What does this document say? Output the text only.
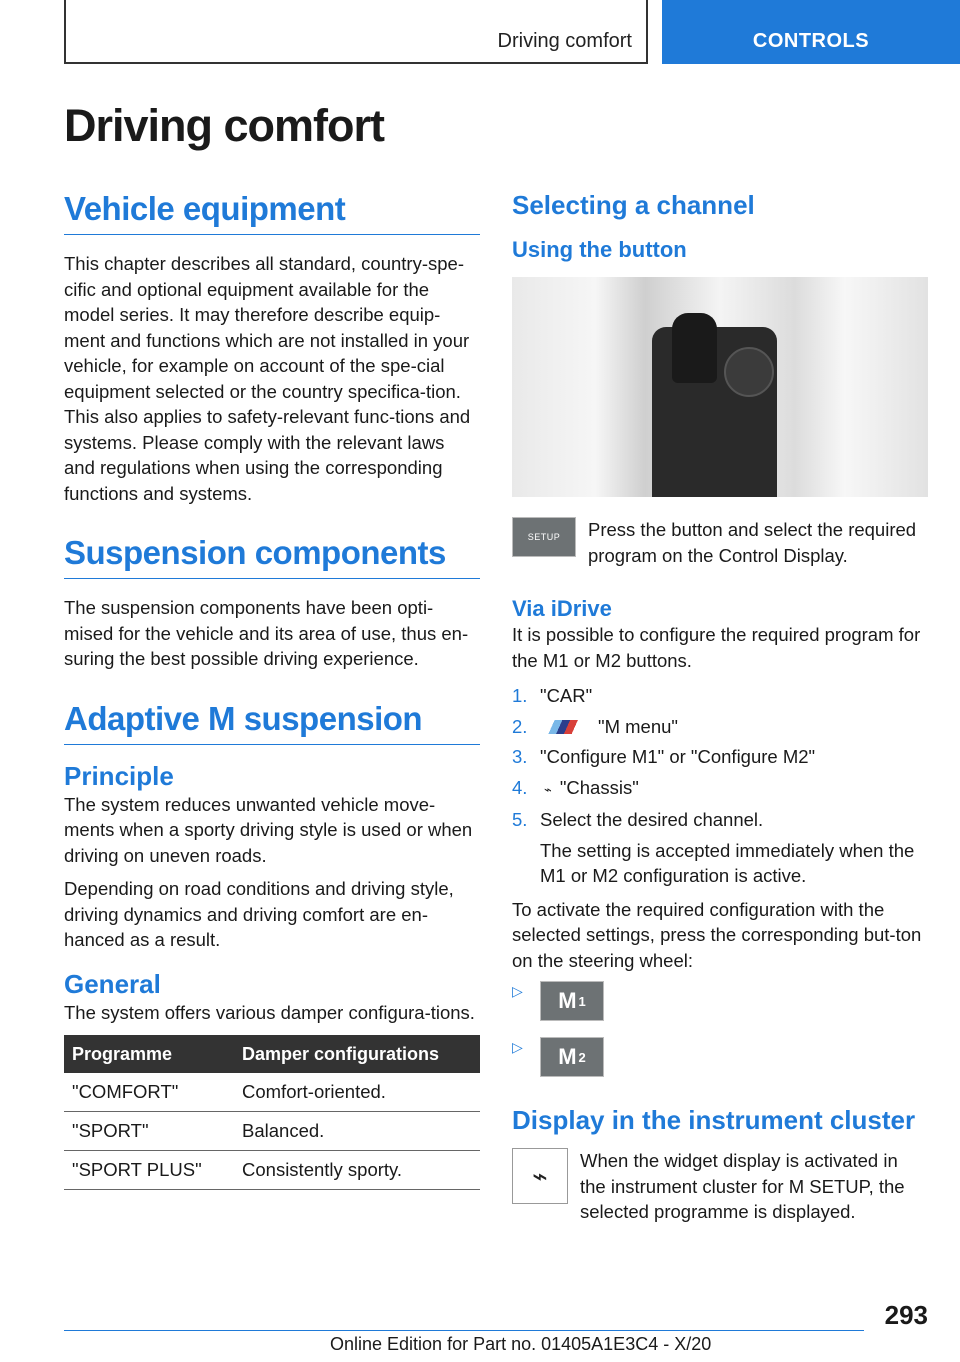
Driving comfort	CONTROLS
Driving comfort
Vehicle equipment

This chapter describes all standard, country-spe-cific and optional equipment available for the model series. It may therefore describe equip-ment and functions which are not installed in your vehicle, for example on account of the spe-cial equipment selected or the country specifica-tion. This also applies to safety-relevant func-tions and systems. Please comply with the relevant laws and regulations when using the corresponding functions and systems.

Suspension components

The suspension components have been opti-mised for the vehicle and its area of use, thus en-suring the best possible driving experience.

Adaptive M suspension
Principle

The system reduces unwanted vehicle move-ments when a sporty driving style is used or when driving on uneven roads.

Depending on road conditions and driving style, driving dynamics and driving comfort are en-hanced as a result.

General

The system offers various damper configura-tions.

Programme	Damper configurations
"COMFORT"	Comfort-oriented.
"SPORT"	Balanced.
"SPORT PLUS"	Consistently sporty.
Selecting a channel
Using the button
SETUP	Press the button and select the required program on the Control Display.

Via iDrive

It is possible to configure the required program for the M1 or M2 buttons.

1. "CAR"
2.	"M menu"
3. "Configure M1" or "Configure M2"
4.	⌁ "Chassis"
5. Select the desired channel.

The setting is accepted immediately when the M1 or M2 configuration is active.

To activate the required configuration with the selected settings, press the corresponding but-ton on the steering wheel:

▷	M 1
▷	M 2
Display in the instrument cluster
⌁	When the widget display is activated in the instrument cluster for M SETUP, the selected programme is displayed.

293
Online Edition for Part no. 01405A1E3C4 - X/20
